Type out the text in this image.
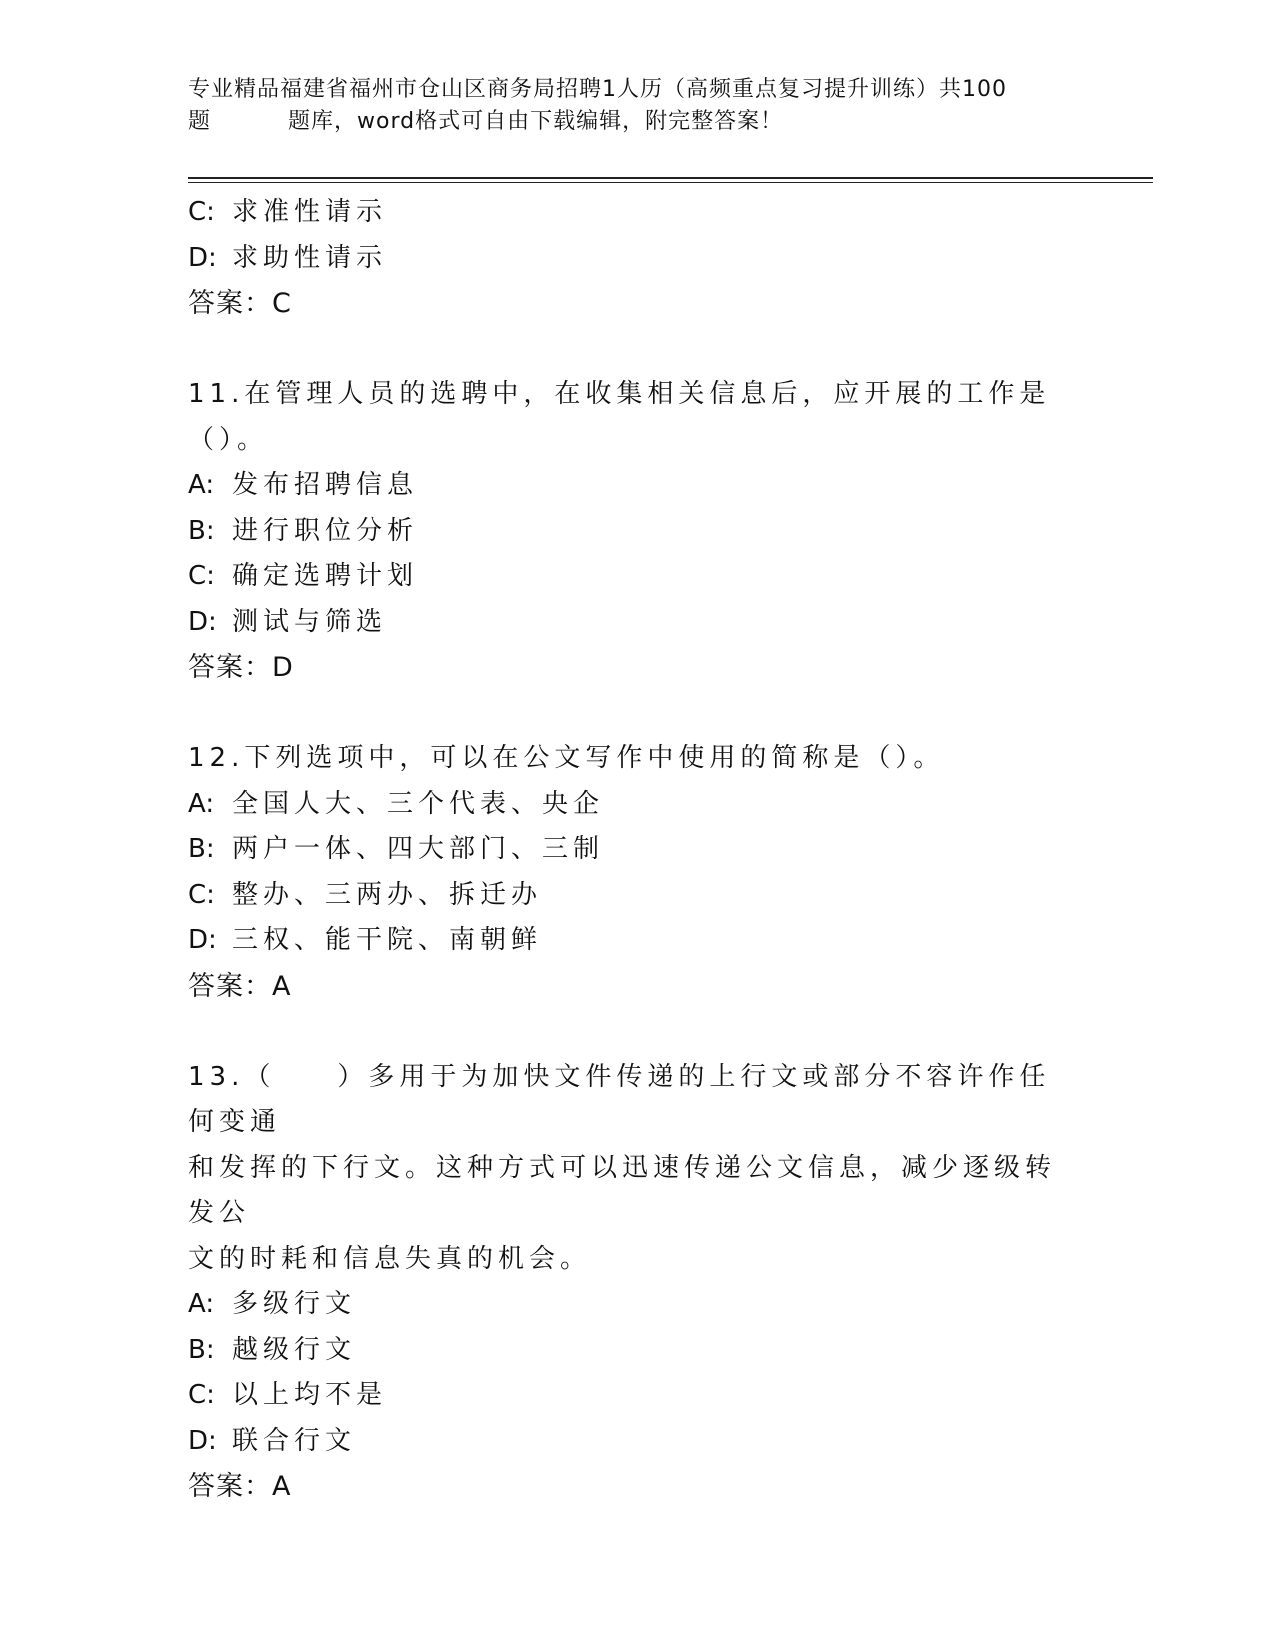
专业精品福建省福州市仓山区商务局招聘1人历（高频重点复习提升训练）共100
题	题库，word格式可自由下载编辑，附完整答案！
C: 求准性请示
D: 求助性请示
答案：C
11.在管理人员的选聘中，在收集相关信息后，应开展的工作是（）。
A: 发布招聘信息
B: 进行职位分析
C: 确定选聘计划
D: 测试与筛选
答案：D
12.下列选项中，可以在公文写作中使用的简称是（）。
A: 全国人大、三个代表、央企
B: 两户一体、四大部门、三制
C: 整办、三两办、拆迁办
D: 三权、能干院、南朝鲜
答案：A
13.（　　）多用于为加快文件传递的上行文或部分不容许作任何变通
和发挥的下行文。这种方式可以迅速传递公文信息，减少逐级转发公
文的时耗和信息失真的机会。
A: 多级行文
B: 越级行文
C: 以上均不是
D: 联合行文
答案：A
